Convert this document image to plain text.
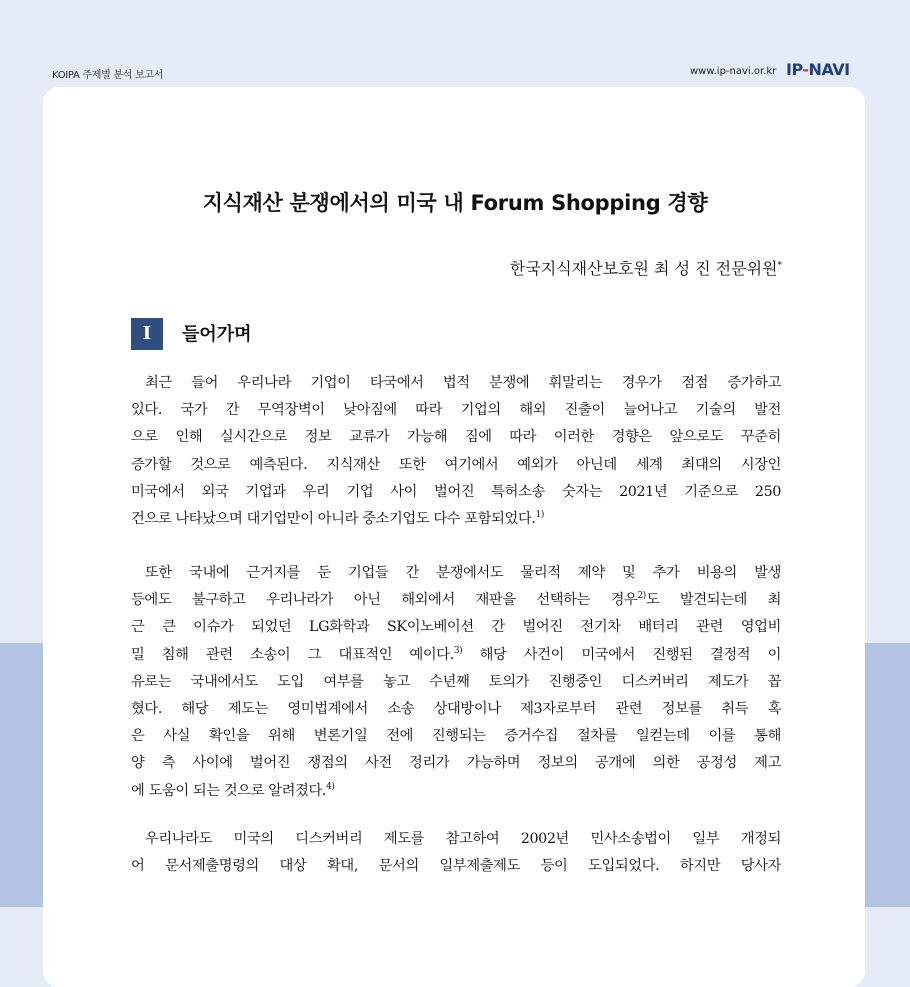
KOIPA 주제별 분석 보고서	www.ip-navi.or.kr IP-NAVI
지식재산 분쟁에서의 미국 내 Forum Shopping 경향
한국지식재산보호원 최 성 진 전문위원*
I	들어가며
최근 들어 우리나라 기업이 타국에서 법적 분쟁에 휘말리는 경우가 점점 증가하고
있다. 국가 간 무역장벽이 낮아짐에 따라 기업의 해외 진출이 늘어나고 기술의 발전
으로 인해 실시간으로 정보 교류가 가능해 짐에 따라 이러한 경향은 앞으로도 꾸준히
증가할 것으로 예측된다. 지식재산 또한 여기에서 예외가 아닌데 세계 최대의 시장인
미국에서 외국 기업과 우리 기업 사이 벌어진 특허소송 숫자는 2021년 기준으로 250
건으로 나타났으며 대기업만이 아니라 중소기업도 다수 포함되었다.$^{1)}$
또한 국내에 근거지를 둔 기업들 간 분쟁에서도 물리적 제약 및 추가 비용의 발생
등에도 불구하고 우리나라가 아닌 해외에서 재판을 선택하는 경우$^{2)}$도 발견되는데 최
근 큰 이슈가 되었던 LG화학과 SK이노베이션 간 벌어진 전기차 배터리 관련 영업비
밀 침해 관련 소송이 그 대표적인 예이다.$^{3)}$ 해당 사건이 미국에서 진행된 결정적 이
유로는 국내에서도 도입 여부를 놓고 수년째 토의가 진행중인 디스커버리 제도가 꼽
혔다. 해당 제도는 영미법계에서 소송 상대방이나 제3자로부터 관련 정보를 취득 혹
은 사실 확인을 위해 변론기일 전에 진행되는 증거수집 절차를 일컫는데 이를 통해
양 측 사이에 벌어진 쟁점의 사전 정리가 가능하며 정보의 공개에 의한 공정성 제고
에 도움이 되는 것으로 알려졌다.$^{4)}$
우리나라도 미국의 디스커버리 제도를 참고하여 2002년 민사소송법이 일부 개정되
어 문서제출명령의 대상 확대, 문서의 일부제출제도 등이 도입되었다. 하지만 당사자
